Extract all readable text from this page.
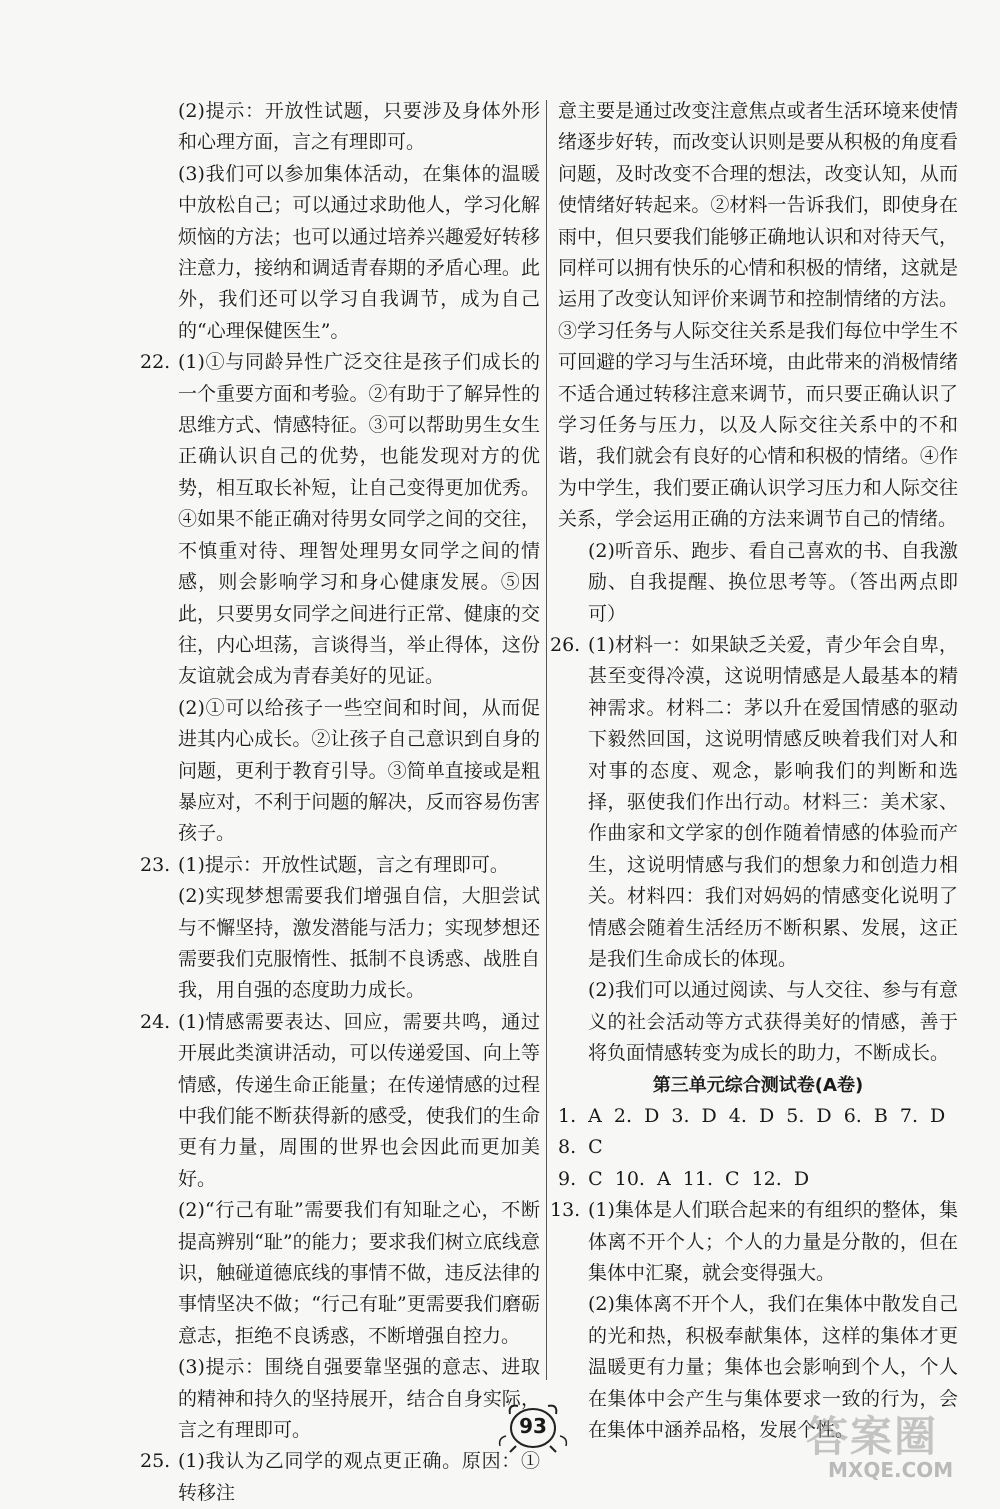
(2)提示：开放性试题，只要涉及身体外形和心理方面，言之有理即可。

(3)我们可以参加集体活动，在集体的温暖中放松自己；可以通过求助他人，学习化解烦恼的方法；也可以通过培养兴趣爱好转移注意力，接纳和调适青春期的矛盾心理。此外，我们还可以学习自我调节，成为自己的“心理保健医生”。

22. (1)①与同龄异性广泛交往是孩子们成长的一个重要方面和考验。②有助于了解异性的思维方式、情感特征。③可以帮助男生女生正确认识自己的优势，也能发现对方的优势，相互取长补短，让自己变得更加优秀。④如果不能正确对待男女同学之间的交往，不慎重对待、理智处理男女同学之间的情感，则会影响学习和身心健康发展。⑤因此，只要男女同学之间进行正常、健康的交往，内心坦荡，言谈得当，举止得体，这份友谊就会成为青春美好的见证。

(2)①可以给孩子一些空间和时间，从而促进其内心成长。②让孩子自己意识到自身的问题，更利于教育引导。③简单直接或是粗暴应对，不利于问题的解决，反而容易伤害孩子。

23. (1)提示：开放性试题，言之有理即可。

(2)实现梦想需要我们增强自信，大胆尝试与不懈坚持，激发潜能与活力；实现梦想还需要我们克服惰性、抵制不良诱惑、战胜自我，用自强的态度助力成长。

24. (1)情感需要表达、回应，需要共鸣，通过开展此类演讲活动，可以传递爱国、向上等情感，传递生命正能量；在传递情感的过程中我们能不断获得新的感受，使我们的生命更有力量，周围的世界也会因此而更加美好。

(2)“行己有耻”需要我们有知耻之心，不断提高辨别“耻”的能力；要求我们树立底线意识，触碰道德底线的事情不做，违反法律的事情坚决不做；“行己有耻”更需要我们磨砺意志，拒绝不良诱惑，不断增强自控力。

(3)提示：围绕自强要靠坚强的意志、进取的精神和持久的坚持展开，结合自身实际，言之有理即可。

25. (1)我认为乙同学的观点更正确。原因：①转移注

意主要是通过改变注意焦点或者生活环境来使情绪逐步好转，而改变认识则是要从积极的角度看问题，及时改变不合理的想法，改变认知，从而使情绪好转起来。②材料一告诉我们，即使身在雨中，但只要我们能够正确地认识和对待天气，同样可以拥有快乐的心情和积极的情绪，这就是运用了改变认知评价来调节和控制情绪的方法。③学习任务与人际交往关系是我们每位中学生不可回避的学习与生活环境，由此带来的消极情绪不适合通过转移注意来调节，而只要正确认识了学习任务与压力，以及人际交往关系中的不和谐，我们就会有良好的心情和积极的情绪。④作为中学生，我们要正确认识学习压力和人际交往关系，学会运用正确的方法来调节自己的情绪。

(2)听音乐、跑步、看自己喜欢的书、自我激励、自我提醒、换位思考等。（答出两点即可）

26. (1)材料一：如果缺乏关爱，青少年会自卑，甚至变得冷漠，这说明情感是人最基本的精神需求。材料二：茅以升在爱国情感的驱动下毅然回国，这说明情感反映着我们对人和对事的态度、观念，影响我们的判断和选择，驱使我们作出行动。材料三：美术家、作曲家和文学家的创作随着情感的体验而产生，这说明情感与我们的想象力和创造力相关。材料四：我们对妈妈的情感变化说明了情感会随着生活经历不断积累、发展，这正是我们生命成长的体现。

(2)我们可以通过阅读、与人交往、参与有意义的社会活动等方式获得美好的情感，善于将负面情感转变为成长的助力，不断成长。

第三单元综合测试卷(A卷)

1. A 2. D 3. D 4. D 5. D 6. B 7. D 8. C

9. C 10. A 11. C 12. D

13. (1)集体是人们联合起来的有组织的整体，集体离不开个人；个人的力量是分散的，但在集体中汇聚，就会变得强大。

(2)集体离不开个人，我们在集体中散发自己的光和热，积极奉献集体，这样的集体才更温暖更有力量；集体也会影响到个人，个人在集体中会产生与集体要求一致的行为，会在集体中涵养品格，发展个性。

93	答案圈
MXQE.COM
